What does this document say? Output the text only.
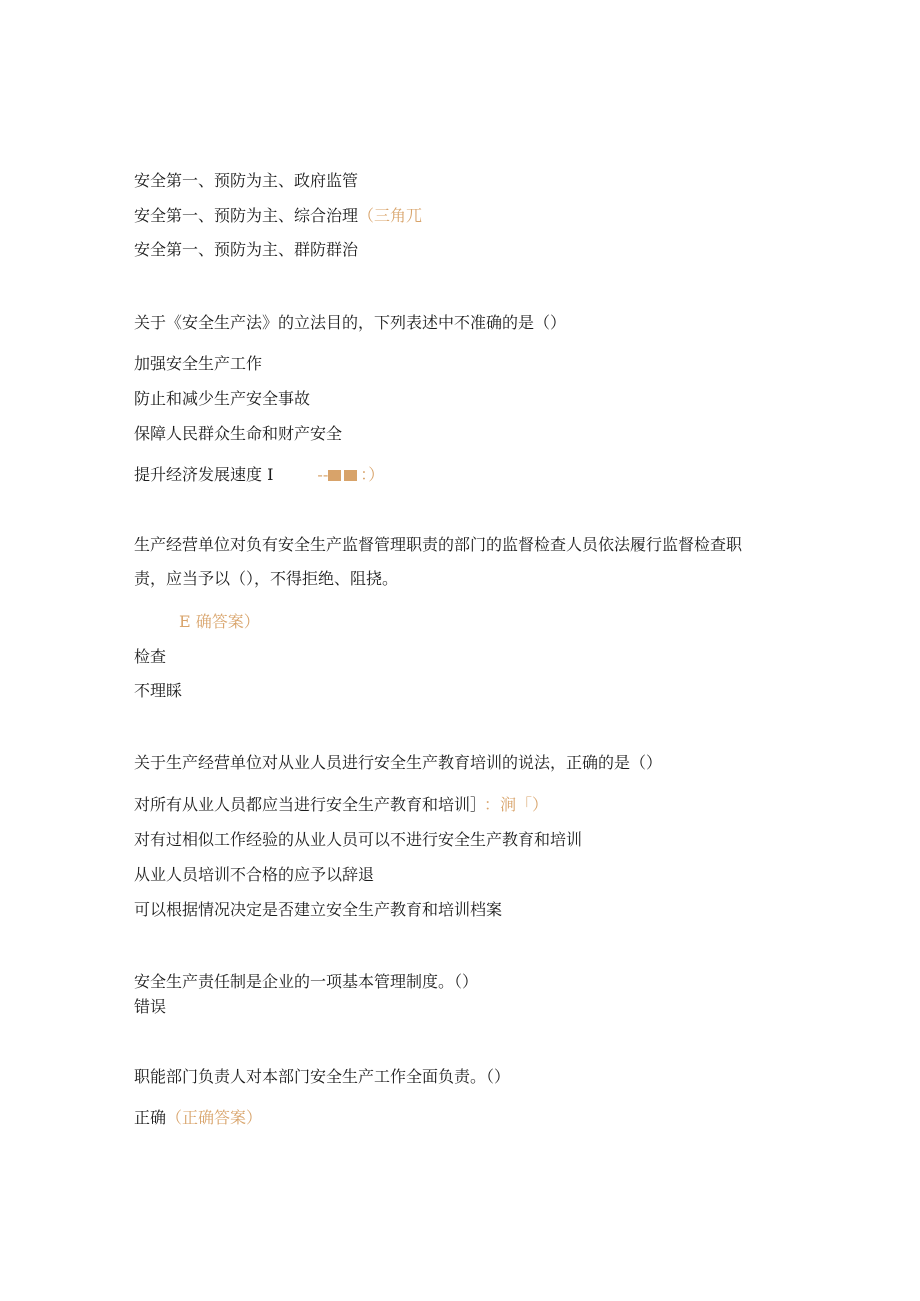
安全第一、预防为主、政府监管
安全第一、预防为主、综合治理（三角兀
安全第一、预防为主、群防群治
关于《安全生产法》的立法目的，下列表述中不准确的是（）
加强安全生产工作
防止和减少生产安全事故
保障人民群众生命和财产安全
提升经济发展速度 I	-- ：）
生产经营单位对负有安全生产监督管理职责的部门的监督检查人员依法履行监督检查职
责，应当予以（），不得拒绝、阻挠。
E 确答案）
检查
不理睬
关于生产经营单位对从业人员进行安全生产教育培训的说法，正确的是（）
对所有从业人员都应当进行安全生产教育和培训］ ：涧「）
对有过相似工作经验的从业人员可以不进行安全生产教育和培训
从业人员培训不合格的应予以辞退
可以根据情况决定是否建立安全生产教育和培训档案
安全生产责任制是企业的一项基本管理制度。（）
错误
职能部门负责人对本部门安全生产工作全面负责。（）
正确（正确答案）
